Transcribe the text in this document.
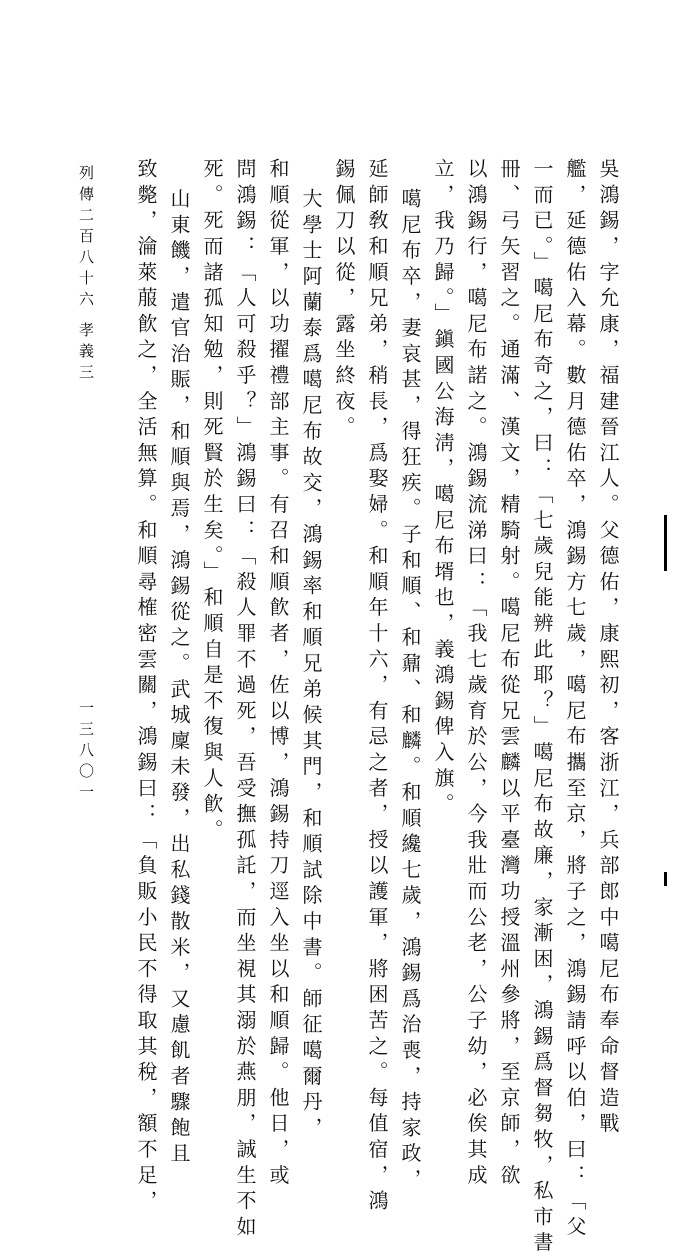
吳鴻錫，字允康，福建晉江人。父德佑，康熙初，客浙江，兵部郎中噶尼布奉命督造戰
艦，延德佑入幕。數月德佑卒，鴻錫方七歲，噶尼布攜至京，將子之，鴻錫請呼以伯，曰：「父
一而已。」噶尼布奇之，曰：「七歲兒能辨此耶？」噶尼布故廉，家漸困，鴻錫爲督芻牧，私市書
冊、弓矢習之。通滿、漢文，精騎射。噶尼布從兄雲麟以平臺灣功授溫州參將，至京師，欲
以鴻錫行，噶尼布諾之。鴻錫流涕曰：「我七歲育於公，今我壯而公老，公子幼，必俟其成
立，我乃歸。」鎭國公海淸，噶尼布壻也，義鴻錫俾入旗。
噶尼布卒，妻哀甚，得狂疾。子和順、和鼐、和麟。和順纔七歲，鴻錫爲治喪，持家政，
延師敎和順兄弟，稍長，爲娶婦。和順年十六，有忌之者，授以護軍，將困苦之。每值宿，鴻
錫佩刀以從，露坐終夜。
大學士阿蘭泰爲噶尼布故交，鴻錫率和順兄弟候其門，和順試除中書。師征噶爾丹，
和順從軍，以功擢禮部主事。有召和順飮者，佐以博，鴻錫持刀逕入坐以和順歸。他日，或
問鴻錫：「人可殺乎？」鴻錫曰：「殺人罪不過死，吾受撫孤託，而坐視其溺於燕朋，誠生不如
死。死而諸孤知勉，則死賢於生矣。」和順自是不復與人飮。
山東饑，遣官治賑，和順與焉，鴻錫從之。武城廩未發，出私錢散米，又慮飢者驟飽且
致斃，淪萊菔飮之，全活無算。和順尋榷密雲關，鴻錫曰：「負販小民不得取其稅，額不足，
列傳二百八十六
孝義三
一三八〇一
